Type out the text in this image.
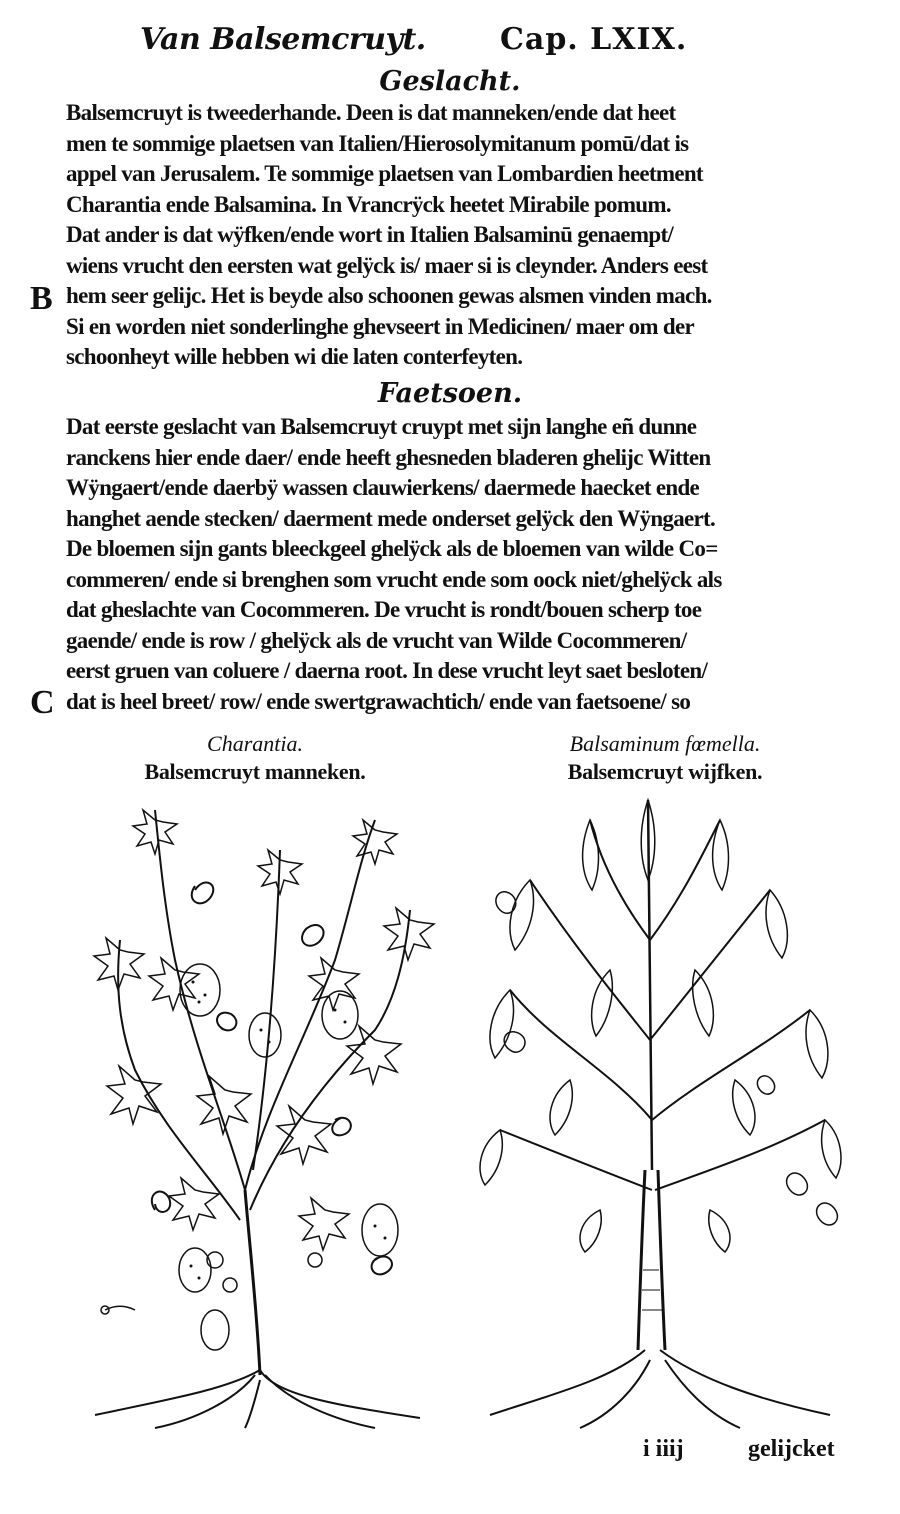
Van Balsemcruyt. Cap. LXIX.
Geslacht.
Balsemcruyt is tweederhande. Deen is dat manneken/ende dat heet
men te sommige plaetsen van Italien/Hierosolymitanum pomū/dat is
appel van Jerusalem. Te sommige plaetsen van Lombardien heetment
Charantia ende Balsamina. In Vrancrÿck heetet Mirabile pomum.
Dat ander is dat wÿfken/ende wort in Italien Balsaminū genaempt/
wiens vrucht den eersten wat gelÿck is/ maer si is cleynder. Anders eest
hem seer gelijc. Het is beyde also schoonen gewas alsmen vinden mach.
Si en worden niet sonderlinghe ghevseert in Medicinen/ maer om der
schoonheyt wille hebben wi die laten conterfeyten.
B
Faetsoen.
Dat eerste geslacht van Balsemcruyt cruypt met sijn langhe eñ dunne
ranckens hier ende daer/ ende heeft ghesneden bladeren ghelijc Witten
Wÿngaert/ende daerbÿ wassen clauwierkens/ daermede haecket ende
hanghet aende stecken/ daerment mede onderset gelÿck den Wÿngaert.
De bloemen sijn gants bleeckgeel ghelÿck als de bloemen van wilde Co=
commeren/ ende si brenghen som vrucht ende som oock niet/ghelÿck als
dat gheslachte van Cocommeren. De vrucht is rondt/bouen scherp toe
gaende/ ende is row / ghelÿck als de vrucht van Wilde Cocommeren/
eerst gruen van coluere / daerna root. In dese vrucht leyt saet besloten/
dat is heel breet/ row/ ende swertgrawachtich/ ende van faetsoene/ so
C
Charantia.
Balsemcruyt manneken.
Balsaminum fœmella.
Balsemcruyt wijfken.
i iiij	gelijcket
